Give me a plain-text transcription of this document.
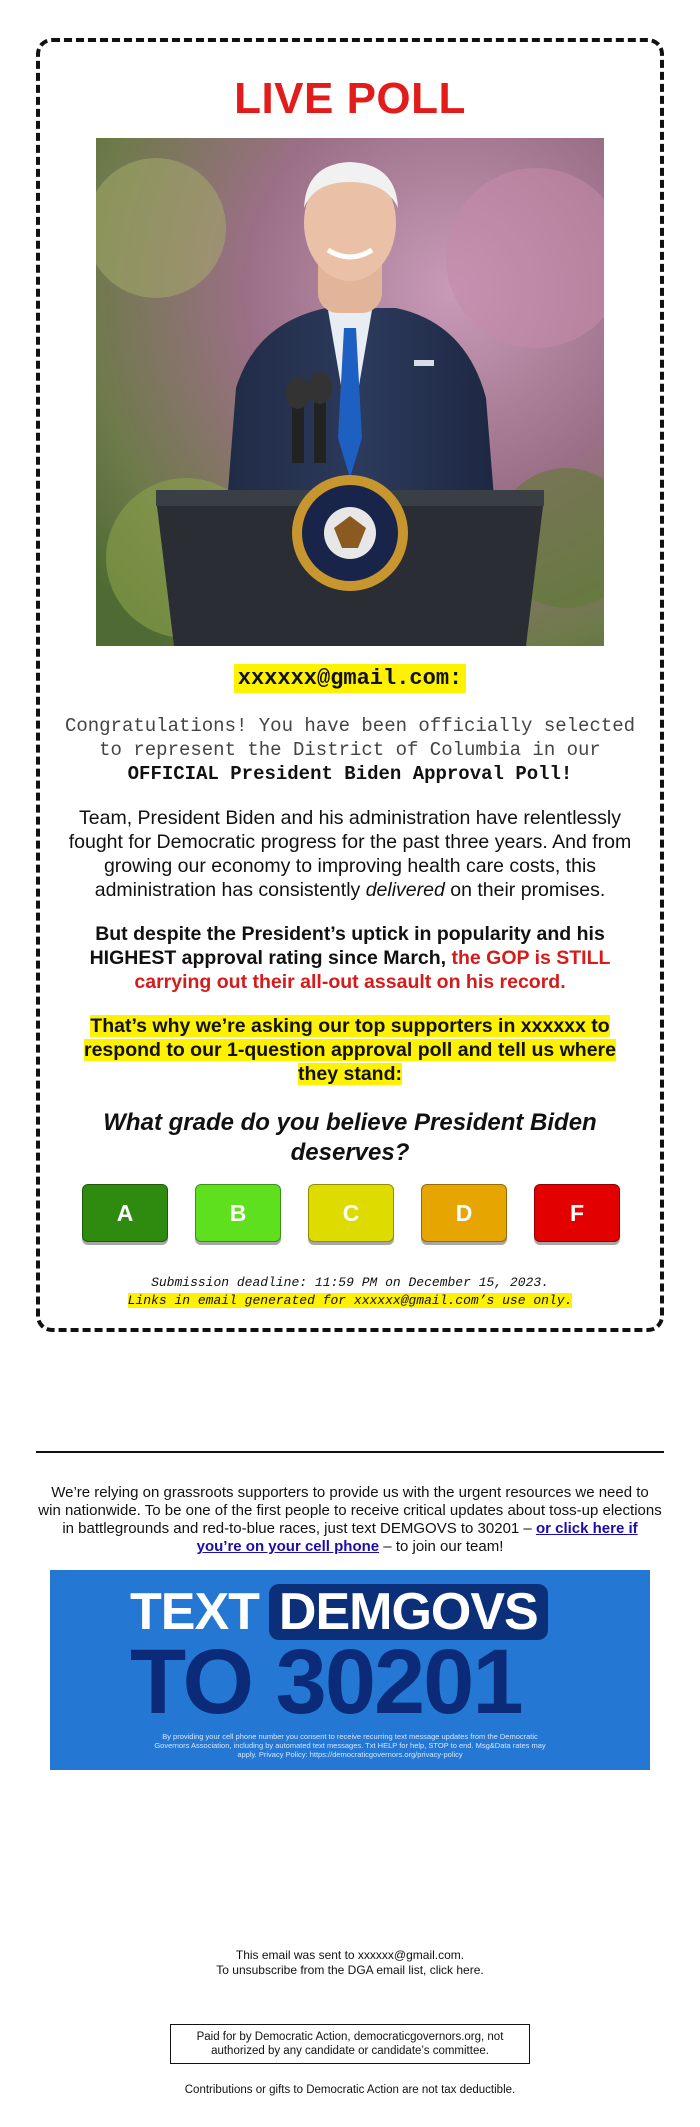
LIVE POLL
xxxxxx@gmail.com:
Congratulations! You have been officially selected to represent the District of Columbia in our OFFICIAL President Biden Approval Poll!
Team, President Biden and his administration have relentlessly fought for Democratic progress for the past three years. And from growing our economy to improving health care costs, this administration has consistently delivered on their promises.
But despite the President’s uptick in popularity and his HIGHEST approval rating since March, the GOP is STILL carrying out their all-out assault on his record.
That’s why we’re asking our top supporters in xxxxxx to respond to our 1-question approval poll and tell us where they stand:
What grade do you believe President Biden deserves?
A	B	C	D	F
Submission deadline: 11:59 PM on December 15, 2023.
Links in email generated for xxxxxx@gmail.com’s use only.
We’re relying on grassroots supporters to provide us with the urgent resources we need to win nationwide. To be one of the first people to receive critical updates about toss-up elections in battlegrounds and red-to-blue races, just text DEMGOVS to 30201 – or click here if you’re on your cell phone – to join our team!
TEXT DEMGOVS
TO 30201
By providing your cell phone number you consent to receive recurring text message updates from the Democratic Governors Association, including by automated text messages. Txt HELP for help, STOP to end. Msg&Data rates may apply. Privacy Policy: https://democraticgovernors.org/privacy-policy
This email was sent to xxxxxx@gmail.com.
To unsubscribe from the DGA email list, click here.
Paid for by Democratic Action, democraticgovernors.org, not authorized by any candidate or candidate’s committee.
Contributions or gifts to Democratic Action are not tax deductible.
